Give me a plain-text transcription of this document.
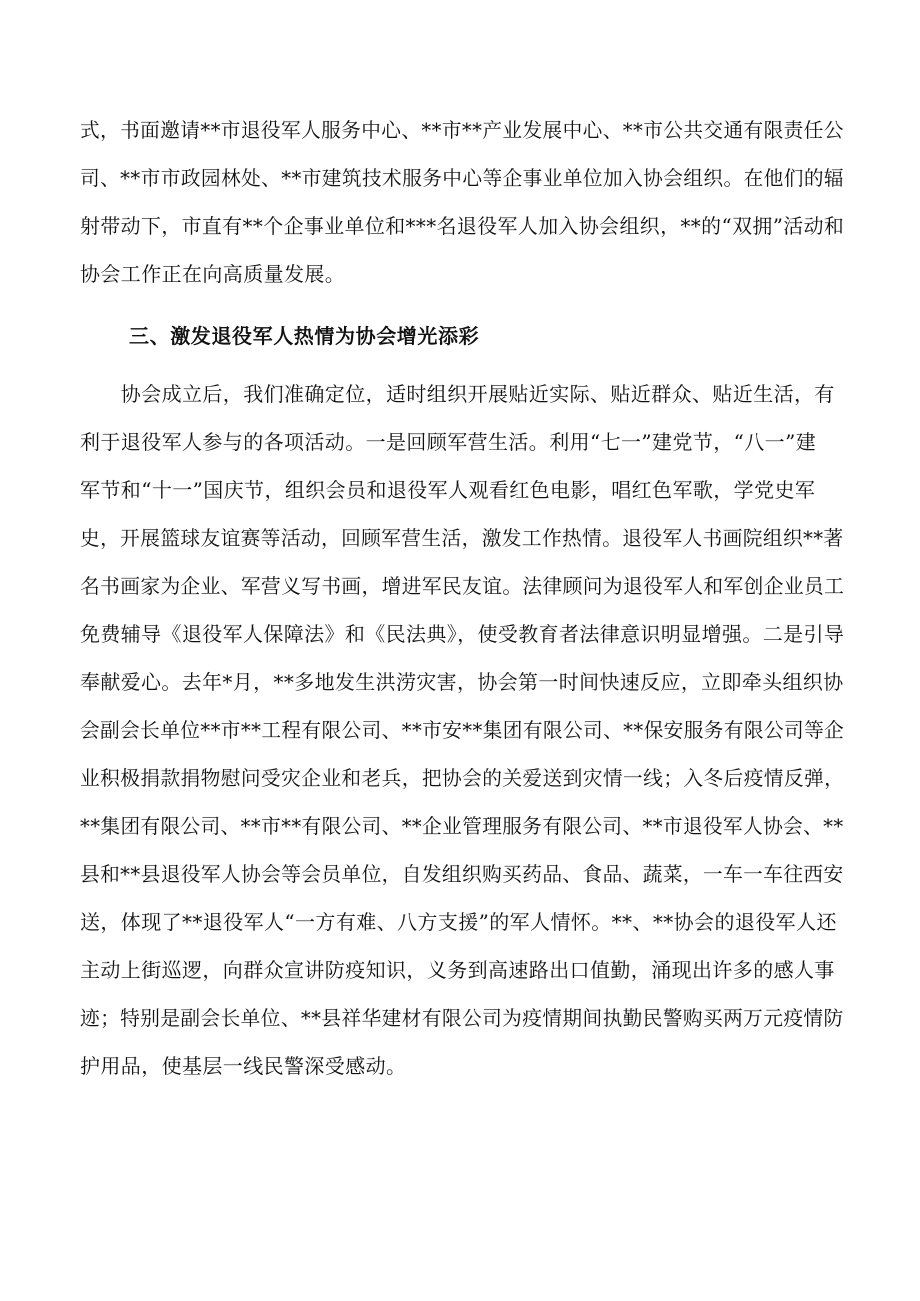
式，书面邀请**市退役军人服务中心、**市**产业发展中心、**市公共交通有限责任公
司、**市市政园林处、**市建筑技术服务中心等企事业单位加入协会组织。在他们的辐
射带动下，市直有**个企事业单位和***名退役军人加入协会组织，**的“双拥”活动和
协会工作正在向高质量发展。
三、激发退役军人热情为协会增光添彩
　　协会成立后，我们准确定位，适时组织开展贴近实际、贴近群众、贴近生活，有
利于退役军人参与的各项活动。一是回顾军营生活。利用“七一”建党节，“八一”建
军节和“十一”国庆节，组织会员和退役军人观看红色电影，唱红色军歌，学党史军
史，开展篮球友谊赛等活动，回顾军营生活，激发工作热情。退役军人书画院组织**著
名书画家为企业、军营义写书画，增进军民友谊。法律顾问为退役军人和军创企业员工
免费辅导《退役军人保障法》和《民法典》，使受教育者法律意识明显增强。二是引导
奉献爱心。去年*月，**多地发生洪涝灾害，协会第一时间快速反应，立即牵头组织协
会副会长单位**市**工程有限公司、**市安**集团有限公司、**保安服务有限公司等企
业积极捐款捐物慰问受灾企业和老兵，把协会的关爱送到灾情一线；入冬后疫情反弹，
**集团有限公司、**市**有限公司、**企业管理服务有限公司、**市退役军人协会、**
县和**县退役军人协会等会员单位，自发组织购买药品、食品、蔬菜，一车一车往西安
送，体现了**退役军人“一方有难、八方支援”的军人情怀。**、**协会的退役军人还
主动上街巡逻，向群众宣讲防疫知识，义务到高速路出口值勤，涌现出许多的感人事
迹；特别是副会长单位、**县祥华建材有限公司为疫情期间执勤民警购买两万元疫情防
护用品，使基层一线民警深受感动。
